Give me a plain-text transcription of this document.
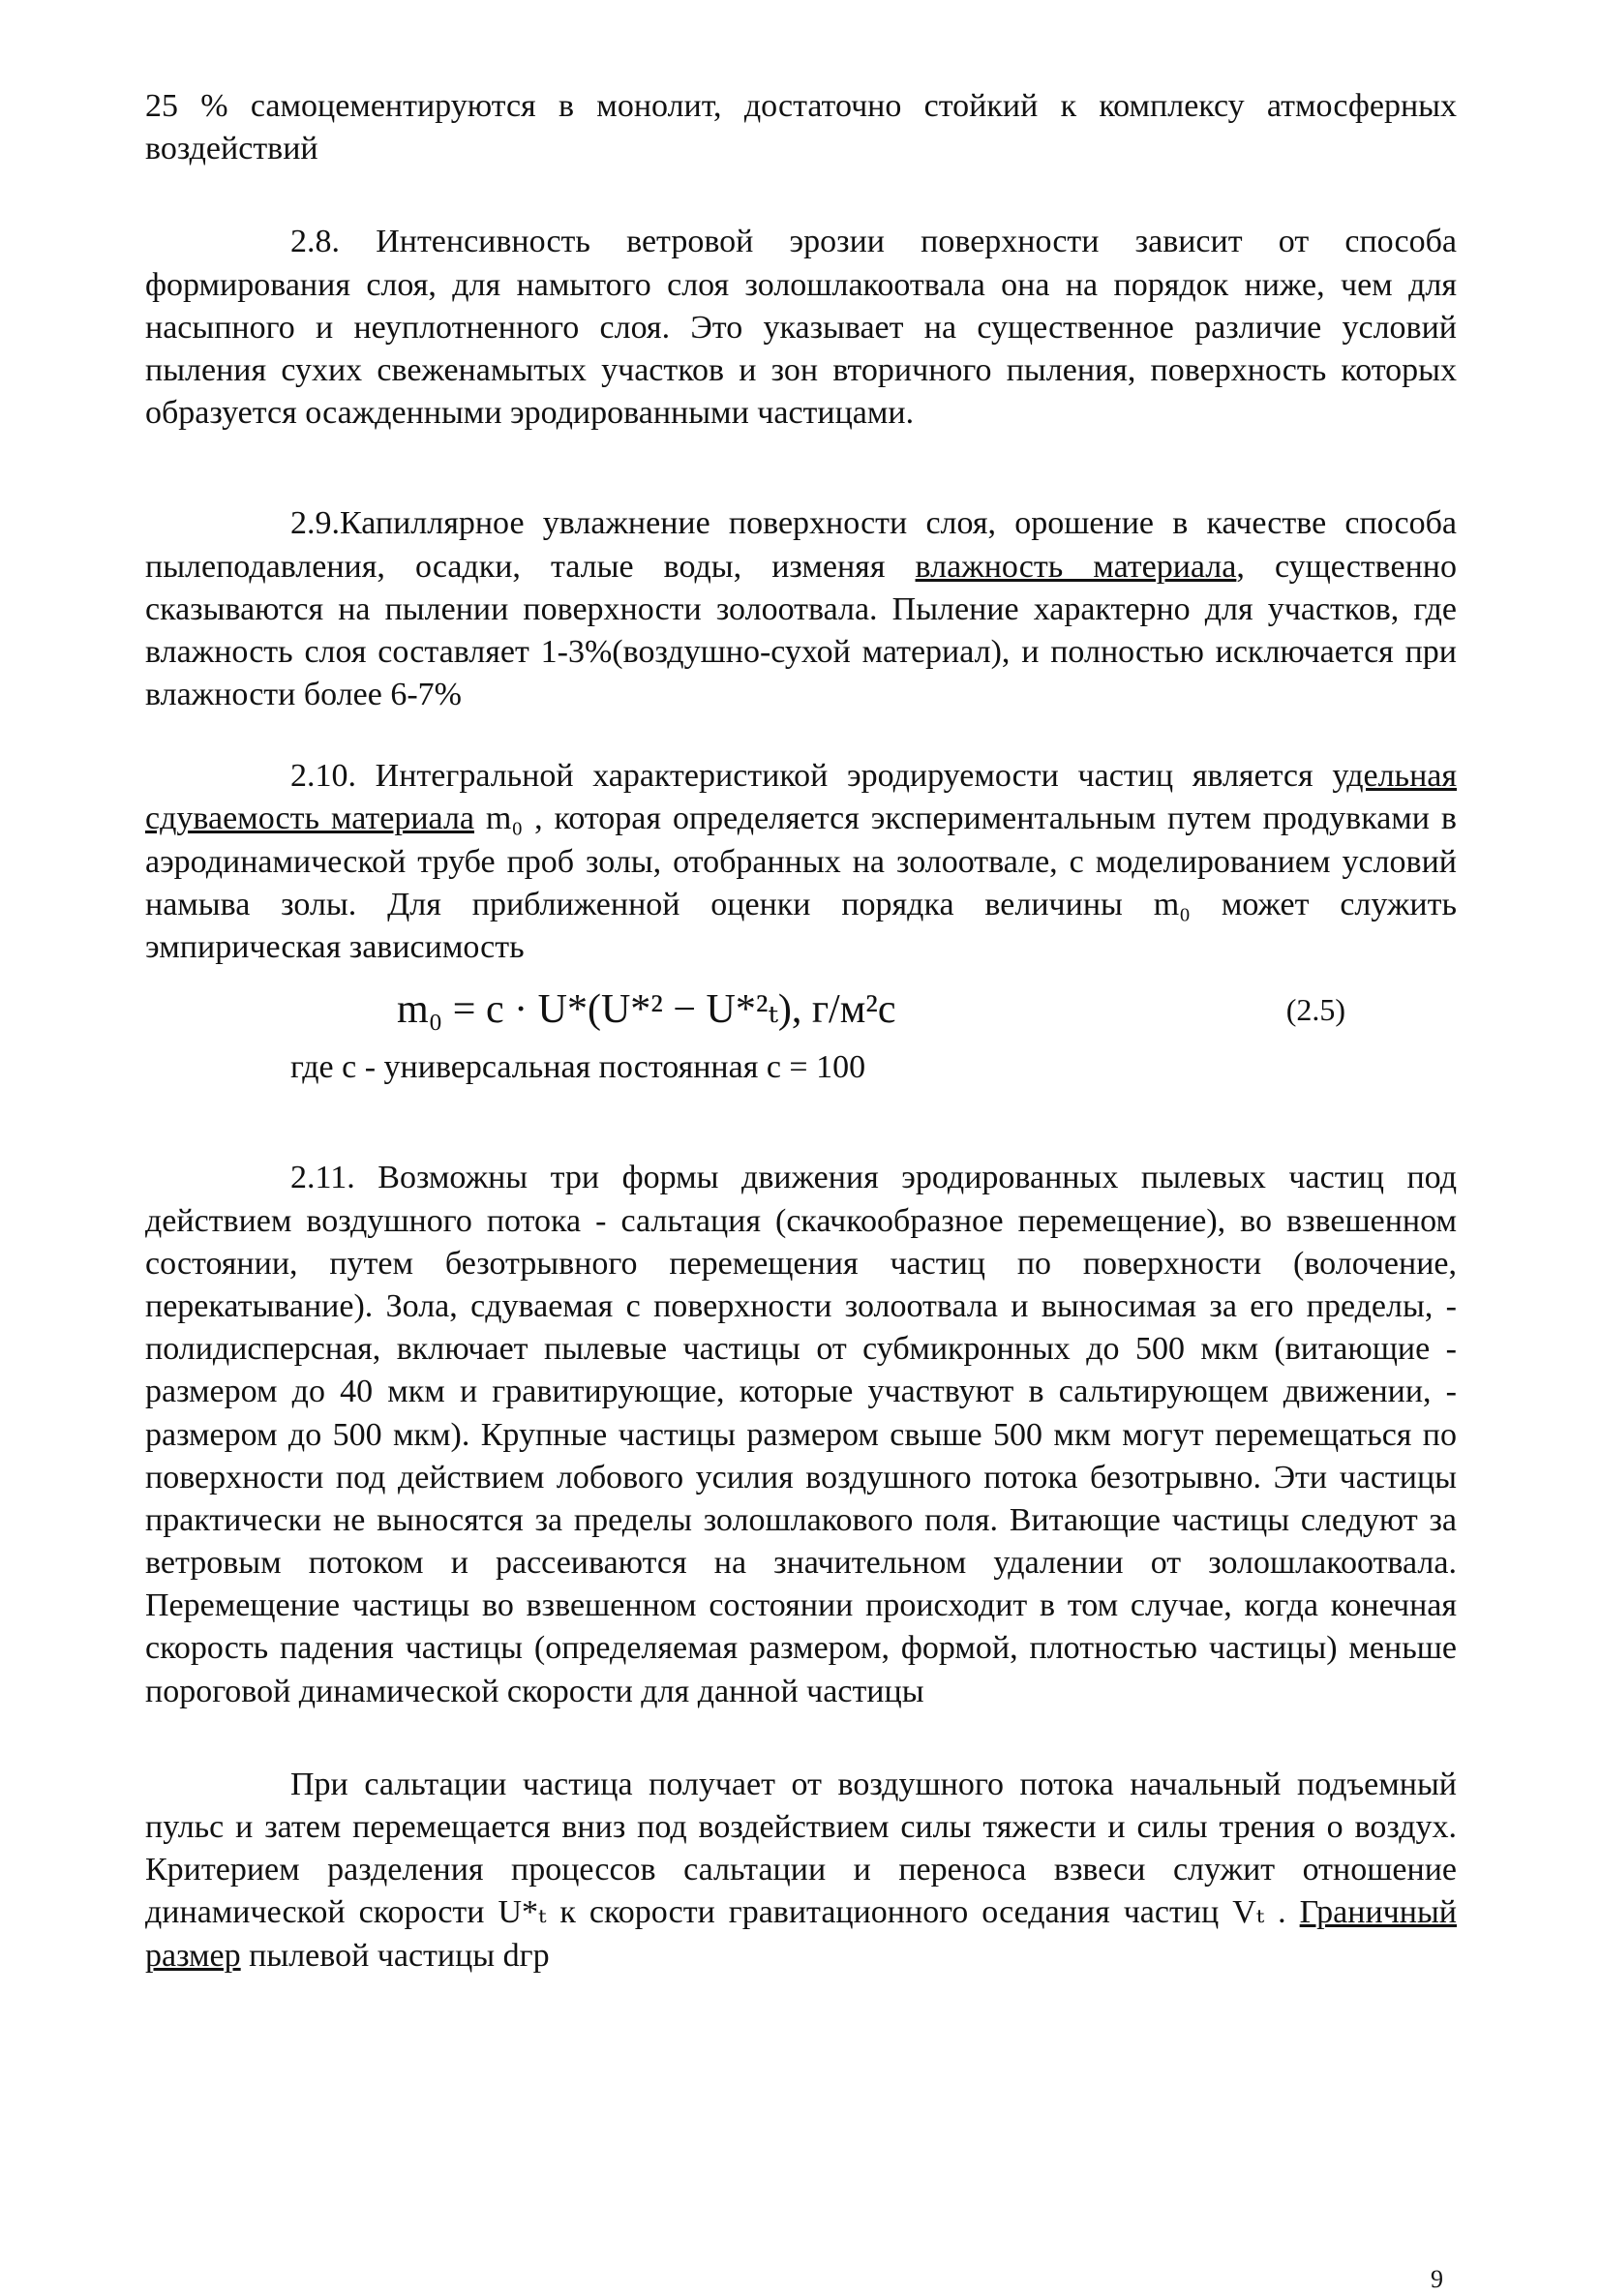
25 % самоцементируются в монолит, достаточно стойкий к комплексу атмосферных воздействий

2.8. Интенсивность ветровой эрозии поверхности зависит от способа формирования слоя, для намытого слоя золошлакоотвала она на порядок ниже, чем для насыпного и неуплотненного слоя. Это указывает на существенное различие условий пыления сухих свеженамытых участков и зон вторичного пыления, поверхность которых образуется осажденными эродированными частицами.

2.9.Капиллярное увлажнение поверхности слоя, орошение в качестве способа пылеподавления, осадки, талые воды, изменяя влажность материала, существенно сказываются на пылении поверхности золоотвала. Пыление характерно для участков, где влажность слоя составляет 1-3%(воздушно-сухой материал), и полностью исключается при влажности более 6-7%

2.10. Интегральной характеристикой эродируемости частиц является удельная сдуваемость материала m₀ , которая определяется экспериментальным путем продувками в аэродинамической трубе проб золы, отобранных на золоотвале, с моделированием условий намыва золы. Для приближенной оценки порядка величины m₀ может служить эмпирическая зависимость

m₀ = c · U*(U*² − U*²ₜ), г/м²с	(2.5)

где c - универсальная постоянная c = 100

2.11. Возможны три формы движения эродированных пылевых частиц под действием воздушного потока - сальтация (скачкообразное перемещение), во взвешенном состоянии, путем безотрывного перемещения частиц по поверхности (волочение, перекатывание). Зола, сдуваемая с поверхности золоотвала и выносимая за его пределы, - полидисперсная, включает пылевые частицы от субмикронных до 500 мкм (витающие - размером до 40 мкм и гравитирующие, которые участвуют в сальтирующем движении, - размером до 500 мкм). Крупные частицы размером свыше 500 мкм могут перемещаться по поверхности под действием лобового усилия воздушного потока безотрывно. Эти частицы практически не выносятся за пределы золошлакового поля. Витающие частицы следуют за ветровым потоком и рассеиваются на значительном удалении от золошлакоотвала. Перемещение частицы во взвешенном состоянии происходит в том случае, когда конечная скорость падения частицы (определяемая размером, формой, плотностью частицы) меньше пороговой динамической скорости для данной частицы

При сальтации частица получает от воздушного потока начальный подъемный пульс и затем перемещается вниз под воздействием силы тяжести и силы трения о воздух. Критерием разделения процессов сальтации и переноса взвеси служит отношение динамической скорости U*ₜ к скорости гравитационного оседания частиц Vₜ . Граничный размер пылевой частицы dгр

9
